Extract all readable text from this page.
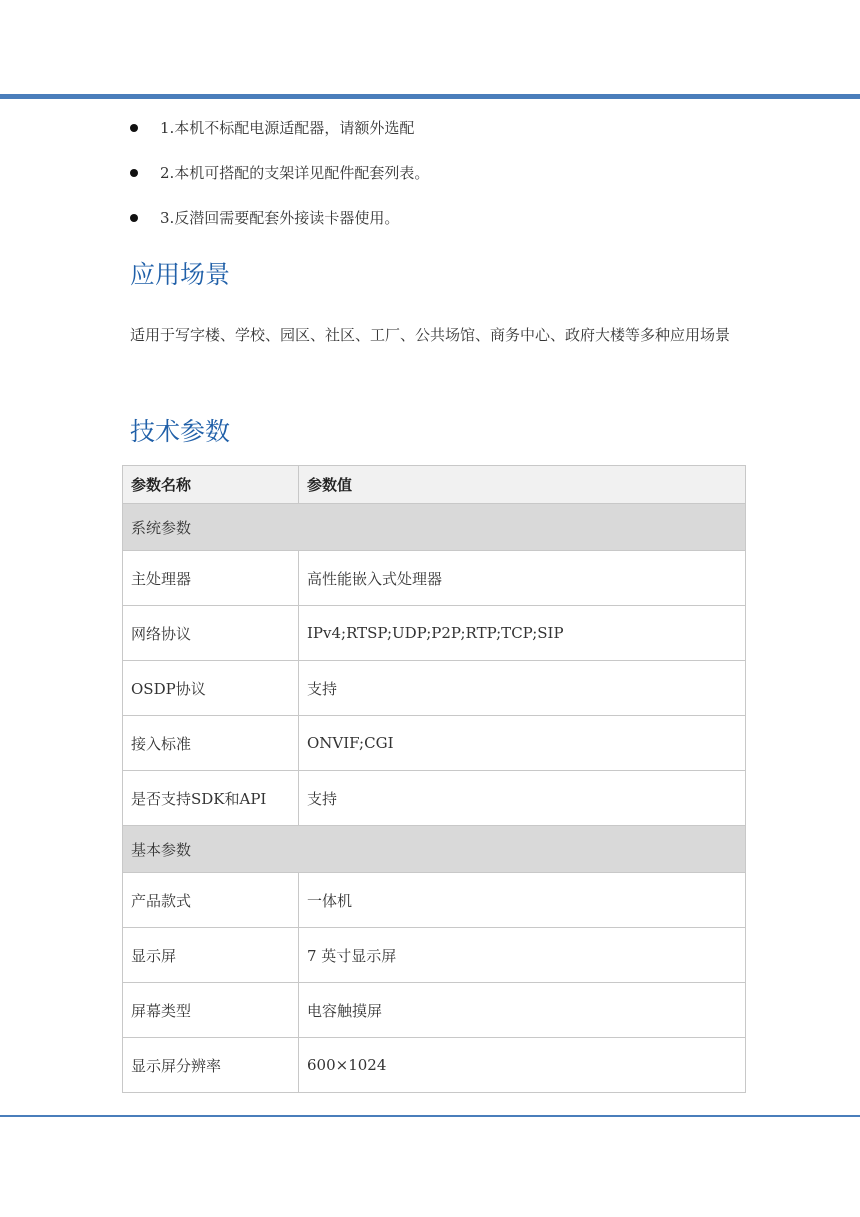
1.本机不标配电源适配器，请额外选配
2.本机可搭配的支架详见配件配套列表。
3.反潜回需要配套外接读卡器使用。
应用场景

适用于写字楼、学校、园区、社区、工厂、公共场馆、商务中心、政府大楼等多种应用场景

技术参数
参数名称	参数值
系统参数	
主处理器	高性能嵌入式处理器
网络协议	IPv4;RTSP;UDP;P2P;RTP;TCP;SIP
OSDP协议	支持
接入标准	ONVIF;CGI
是否支持SDK和API	支持
基本参数	
产品款式	一体机
显示屏	7 英寸显示屏
屏幕类型	电容触摸屏
显示屏分辨率	600×1024
